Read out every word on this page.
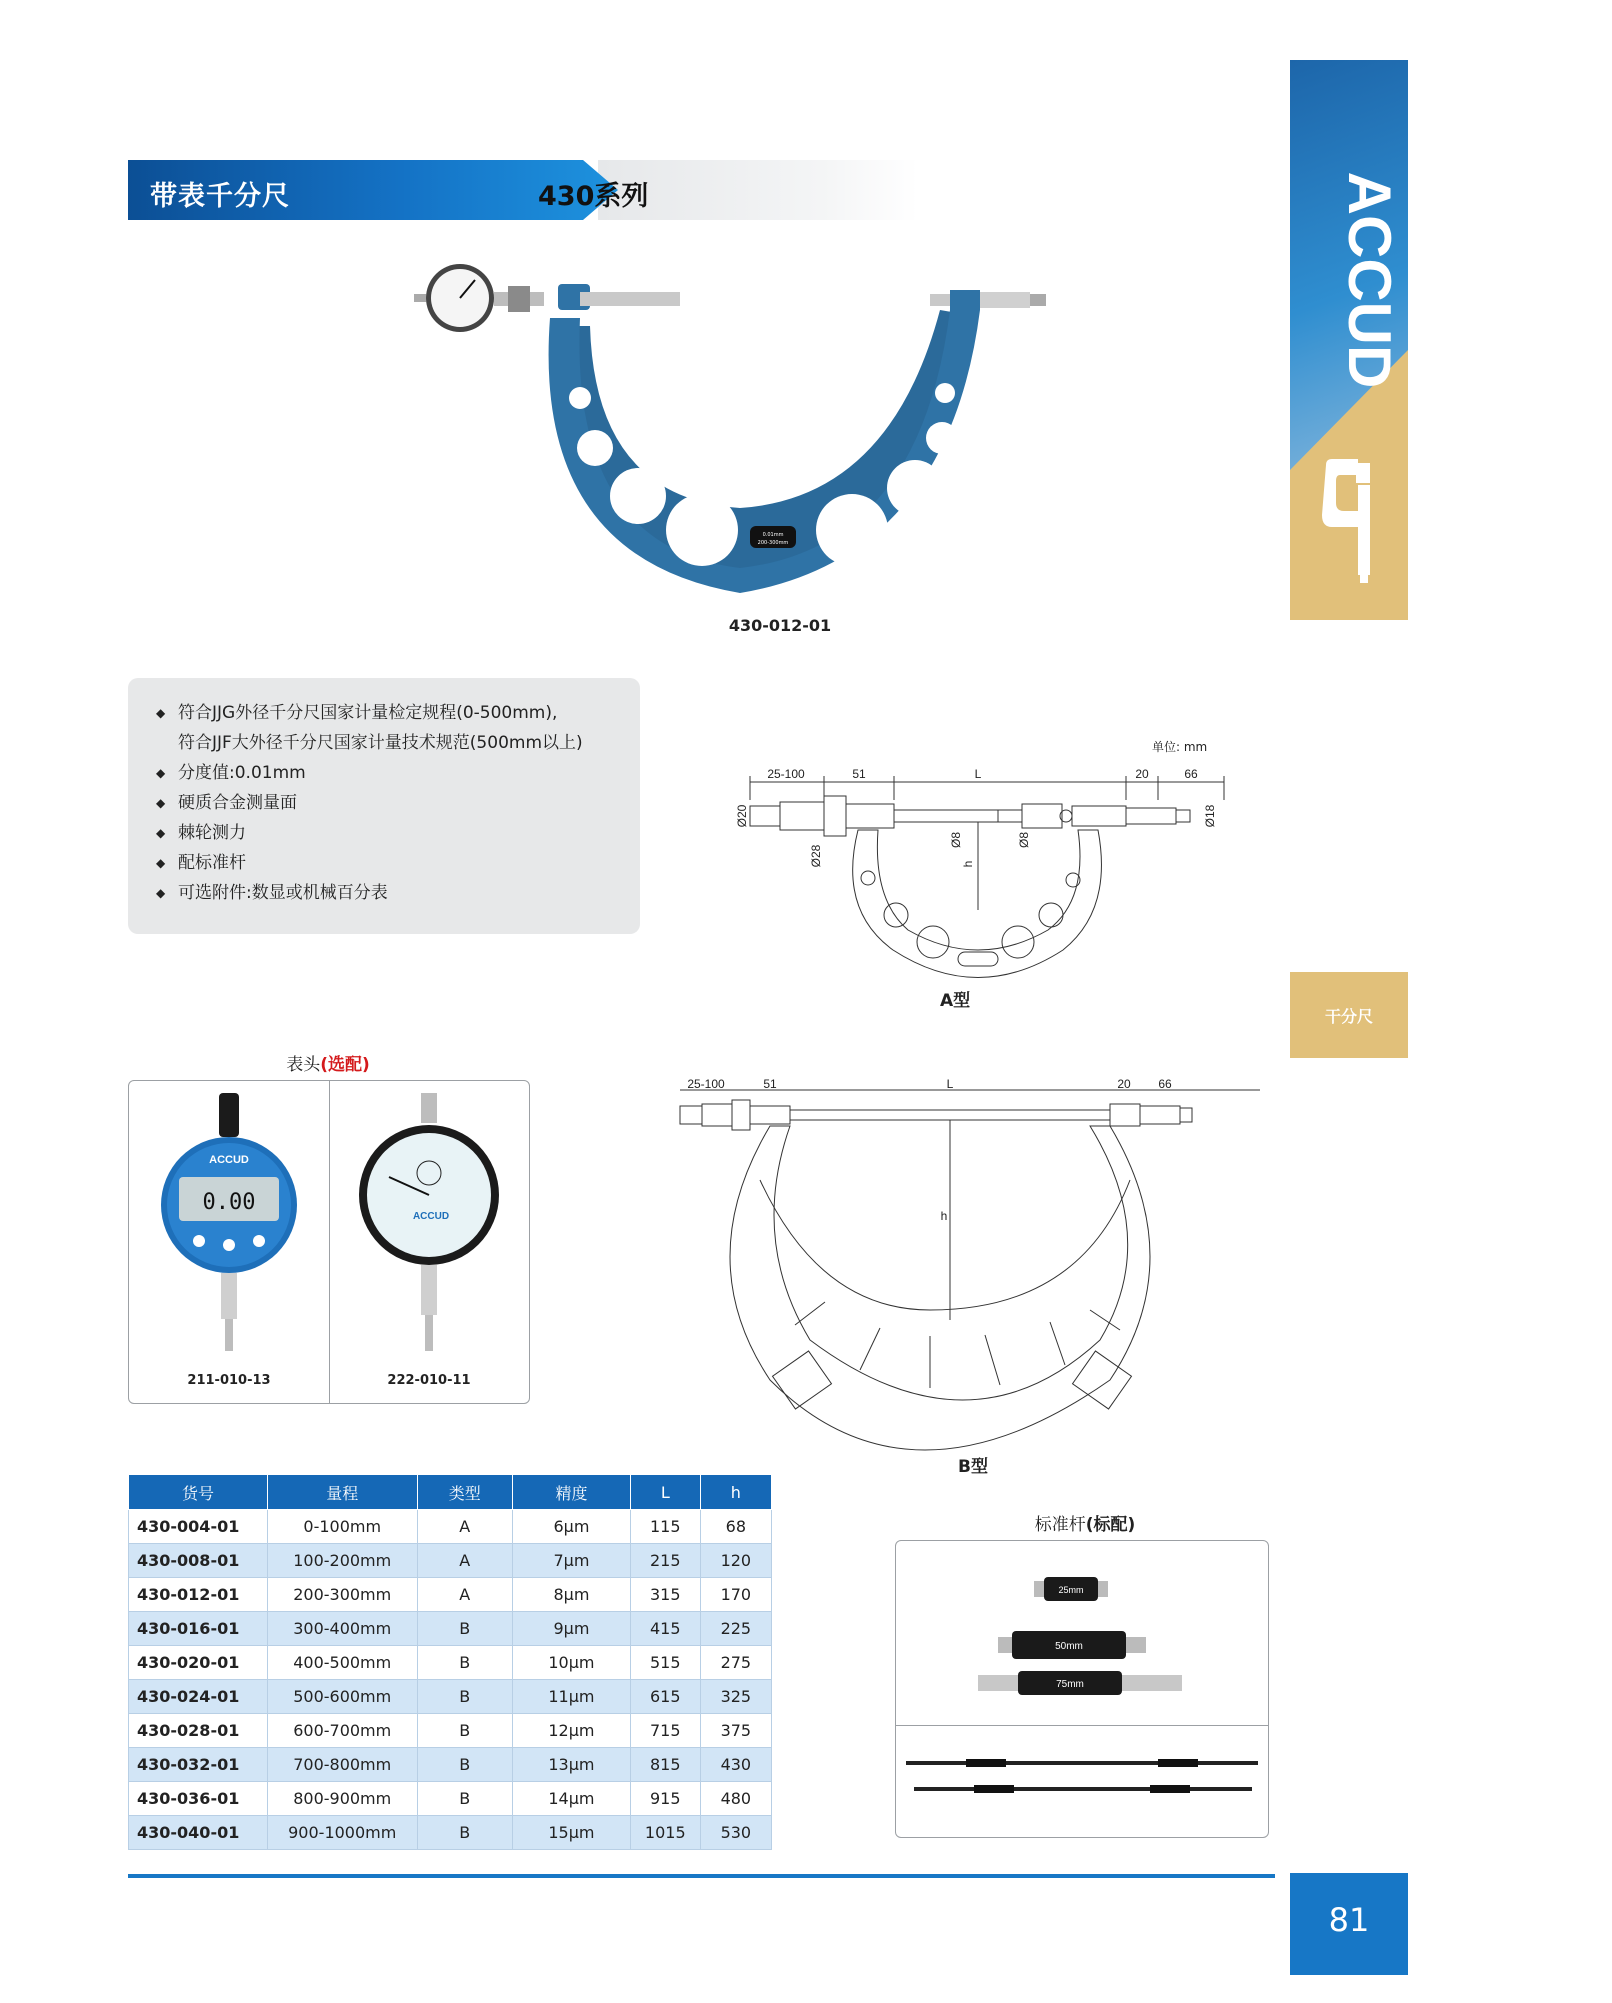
带表千分尺	430系列	ACCUD
干分尺
0.01mm
200-300mm
430-012-01
◆ 符合JJG外径千分尺国家计量检定规程(0-500mm),
符合JJF大外径千分尺国家计量技术规范(500mm以上)
◆ 分度值:0.01mm
◆ 硬质合金测量面
◆ 棘轮测力
◆ 配标准杆
◆ 可选附件:数显或机械百分表
单位: mm
25-100	51	L	20	66
Ø20
Ø28
Ø8	Ø8
Ø18
h
A型
表头(选配)
0.00
ACCUD
211-010-13
ACCUD
222-010-11
25-100	51	L	20 66
h
B型
货号	量程	类型	精度	L	h
430-004-01	0-100mm	A	6μm	115	68
430-008-01	100-200mm	A	7μm	215	120
430-012-01	200-300mm	A	8μm	315	170
430-016-01	300-400mm	B	9μm	415	225
430-020-01	400-500mm	B	10μm	515	275
430-024-01	500-600mm	B	11μm	615	325
430-028-01	600-700mm	B	12μm	715	375
430-032-01	700-800mm	B	13μm	815	430
430-036-01	800-900mm	B	14μm	915	480
430-040-01	900-1000mm	B	15μm	1015	530
标准杆(标配)
25mm
50mm
75mm
81
